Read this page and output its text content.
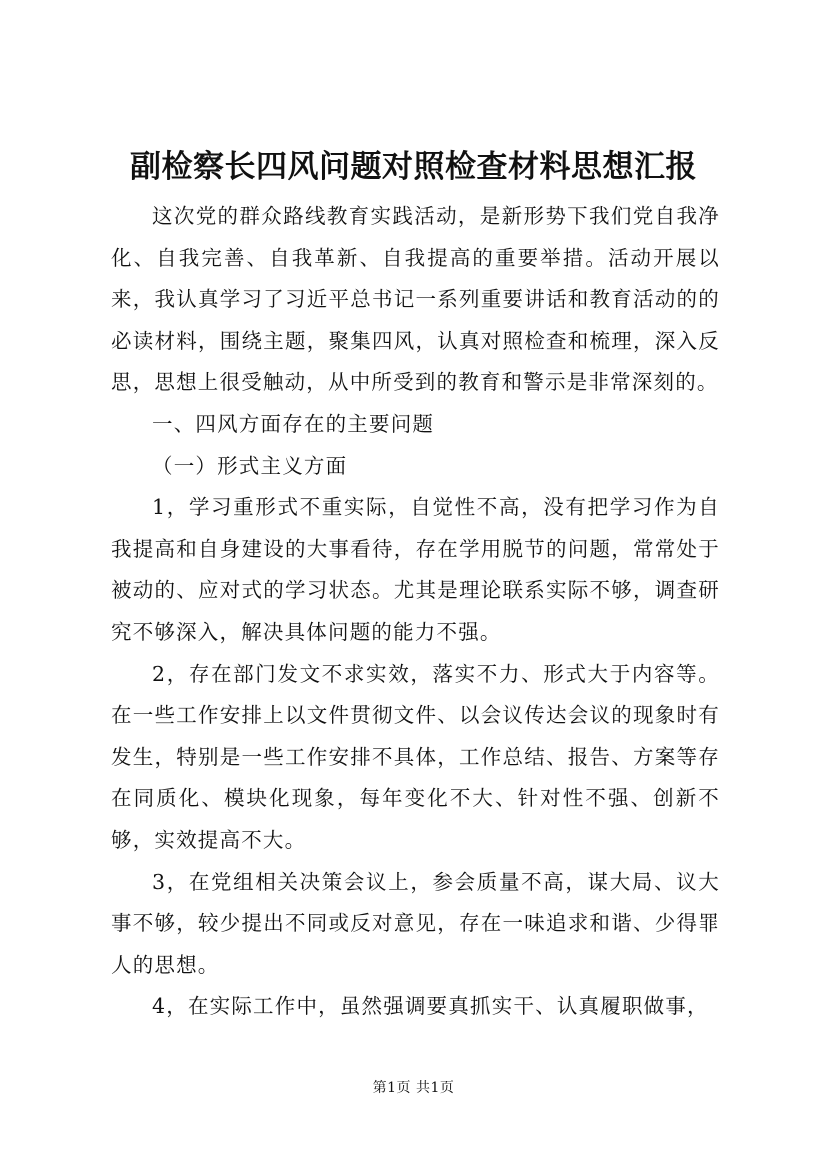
副检察长四风问题对照检查材料思想汇报

这次党的群众路线教育实践活动，是新形势下我们党自我净化、自我完善、自我革新、自我提高的重要举措。活动开展以来，我认真学习了习近平总书记一系列重要讲话和教育活动的的必读材料，围绕主题，聚集四风，认真对照检查和梳理，深入反思，思想上很受触动，从中所受到的教育和警示是非常深刻的。

一、四风方面存在的主要问题

（一）形式主义方面

1，学习重形式不重实际，自觉性不高，没有把学习作为自我提高和自身建设的大事看待，存在学用脱节的问题，常常处于被动的、应对式的学习状态。尤其是理论联系实际不够，调查研究不够深入，解决具体问题的能力不强。

2，存在部门发文不求实效，落实不力、形式大于内容等。在一些工作安排上以文件贯彻文件、以会议传达会议的现象时有发生，特别是一些工作安排不具体，工作总结、报告、方案等存在同质化、模块化现象，每年变化不大、针对性不强、创新不够，实效提高不大。

3，在党组相关决策会议上，参会质量不高，谋大局、议大事不够，较少提出不同或反对意见，存在一味追求和谐、少得罪人的思想。

4，在实际工作中，虽然强调要真抓实干、认真履职做事，

第1页 共1页
